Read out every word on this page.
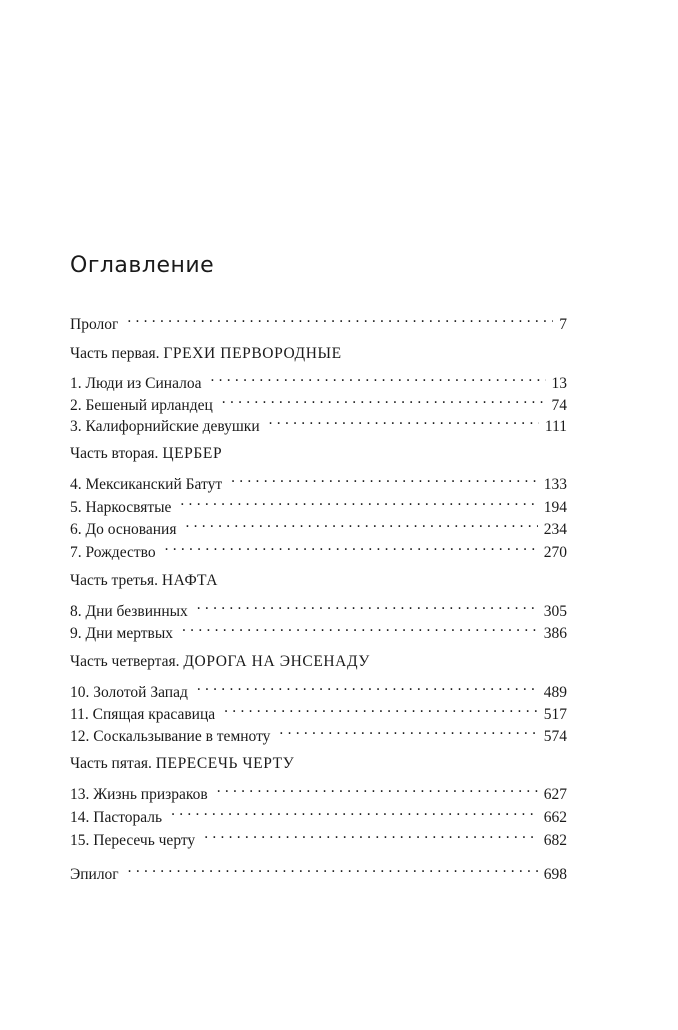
Оглавление
Пролог . . .	7
Часть первая. ГРЕХИ ПЕРВОРОДНЫЕ
1. Люди из Синалоа . . .	13
2. Бешеный ирландец . . .	74
3. Калифорнийские девушки . . .	111
Часть вторая. ЦЕРБЕР
4. Мексиканский Батут . . .	133
5. Наркосвятые . . .	194
6. До основания . . .	234
7. Рождество . . .	270
Часть третья. НАФТА
8. Дни безвинных . . .	305
9. Дни мертвых . . .	386
Часть четвертая. ДОРОГА НА ЭНСЕНАДУ
10. Золотой Запад . . .	489
11. Спящая красавица . . .	517
12. Соскальзывание в темноту . . .	574
Часть пятая. ПЕРЕСЕЧЬ ЧЕРТУ
13. Жизнь призраков . . .	627
14. Пастораль . . .	662
15. Пересечь черту . . .	682
Эпилог . . .	698
